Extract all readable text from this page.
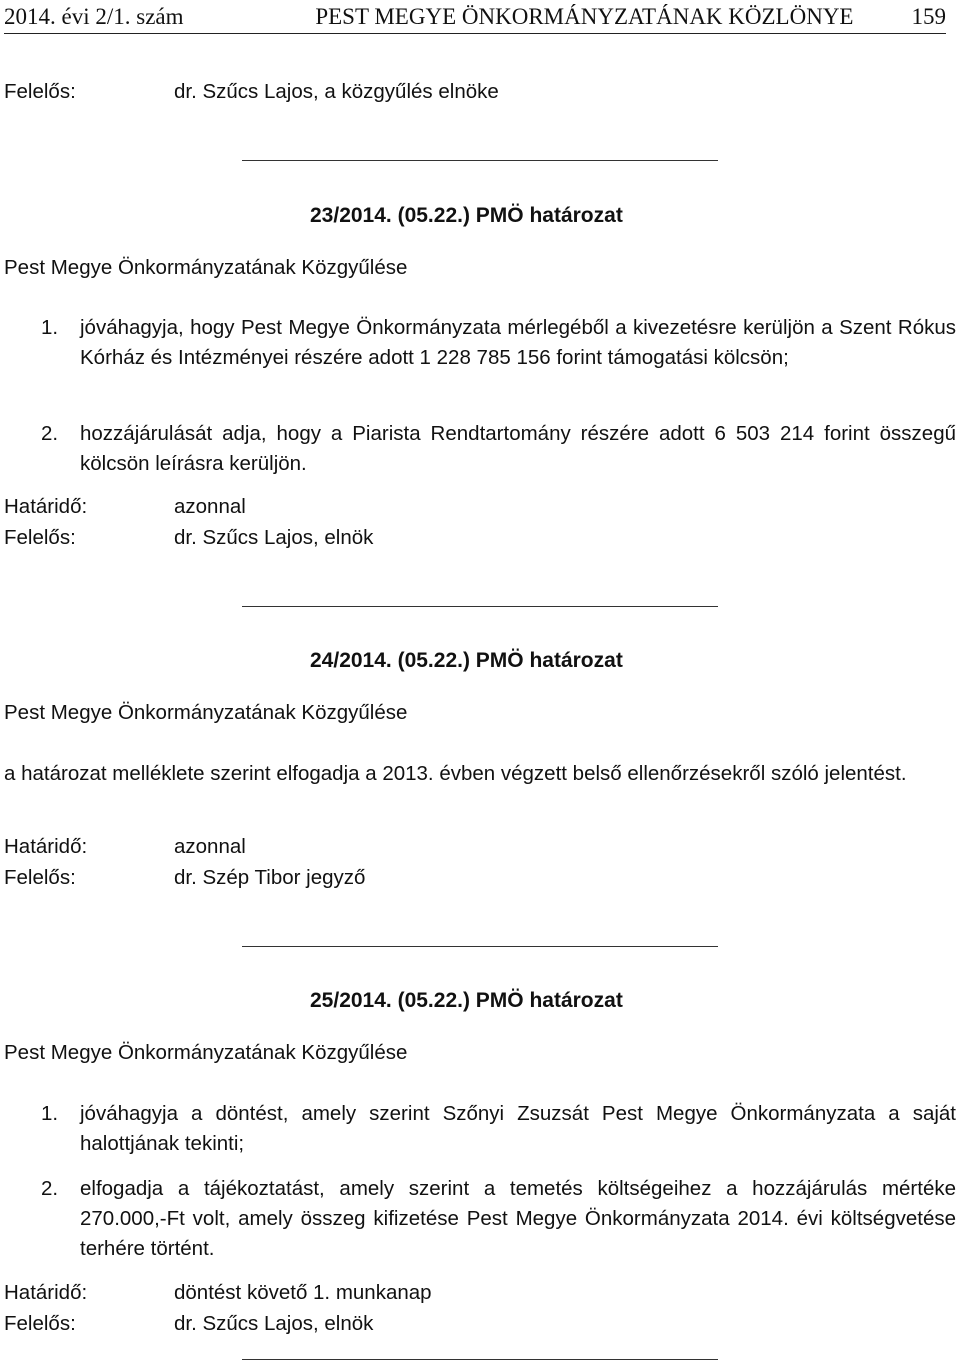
2014. évi 2/1. szám	PEST MEGYE ÖNKORMÁNYZATÁNAK KÖZLÖNYE	159
Felelős:	dr. Szűcs Lajos, a közgyűlés elnöke
23/2014. (05.22.) PMÖ határozat
Pest Megye Önkormányzatának Közgyűlése
1. jóváhagyja, hogy Pest Megye Önkormányzata mérlegéből a kivezetésre kerüljön a Szent Rókus Kórház és Intézményei részére adott 1 228 785 156 forint támogatási kölcsön;
2. hozzájárulását adja, hogy a Piarista Rendtartomány részére adott 6 503 214 forint összegű kölcsön leírásra kerüljön.
Határidő:	azonnal
Felelős:	dr. Szűcs Lajos, elnök
24/2014. (05.22.) PMÖ határozat
Pest Megye Önkormányzatának Közgyűlése
a határozat melléklete szerint elfogadja a 2013. évben végzett belső ellenőrzésekről szóló jelentést.
Határidő:	azonnal
Felelős:	dr. Szép Tibor jegyző
25/2014. (05.22.) PMÖ határozat
Pest Megye Önkormányzatának Közgyűlése
1. jóváhagyja a döntést, amely szerint Szőnyi Zsuzsát Pest Megye Önkormányzata a saját halottjának tekinti;
2. elfogadja a tájékoztatást, amely szerint a temetés költségeihez a hozzájárulás mértéke 270.000,-Ft volt, amely összeg kifizetése Pest Megye Önkormányzata 2014. évi költségvetése terhére történt.
Határidő:	döntést követő 1. munkanap
Felelős:	dr. Szűcs Lajos, elnök
